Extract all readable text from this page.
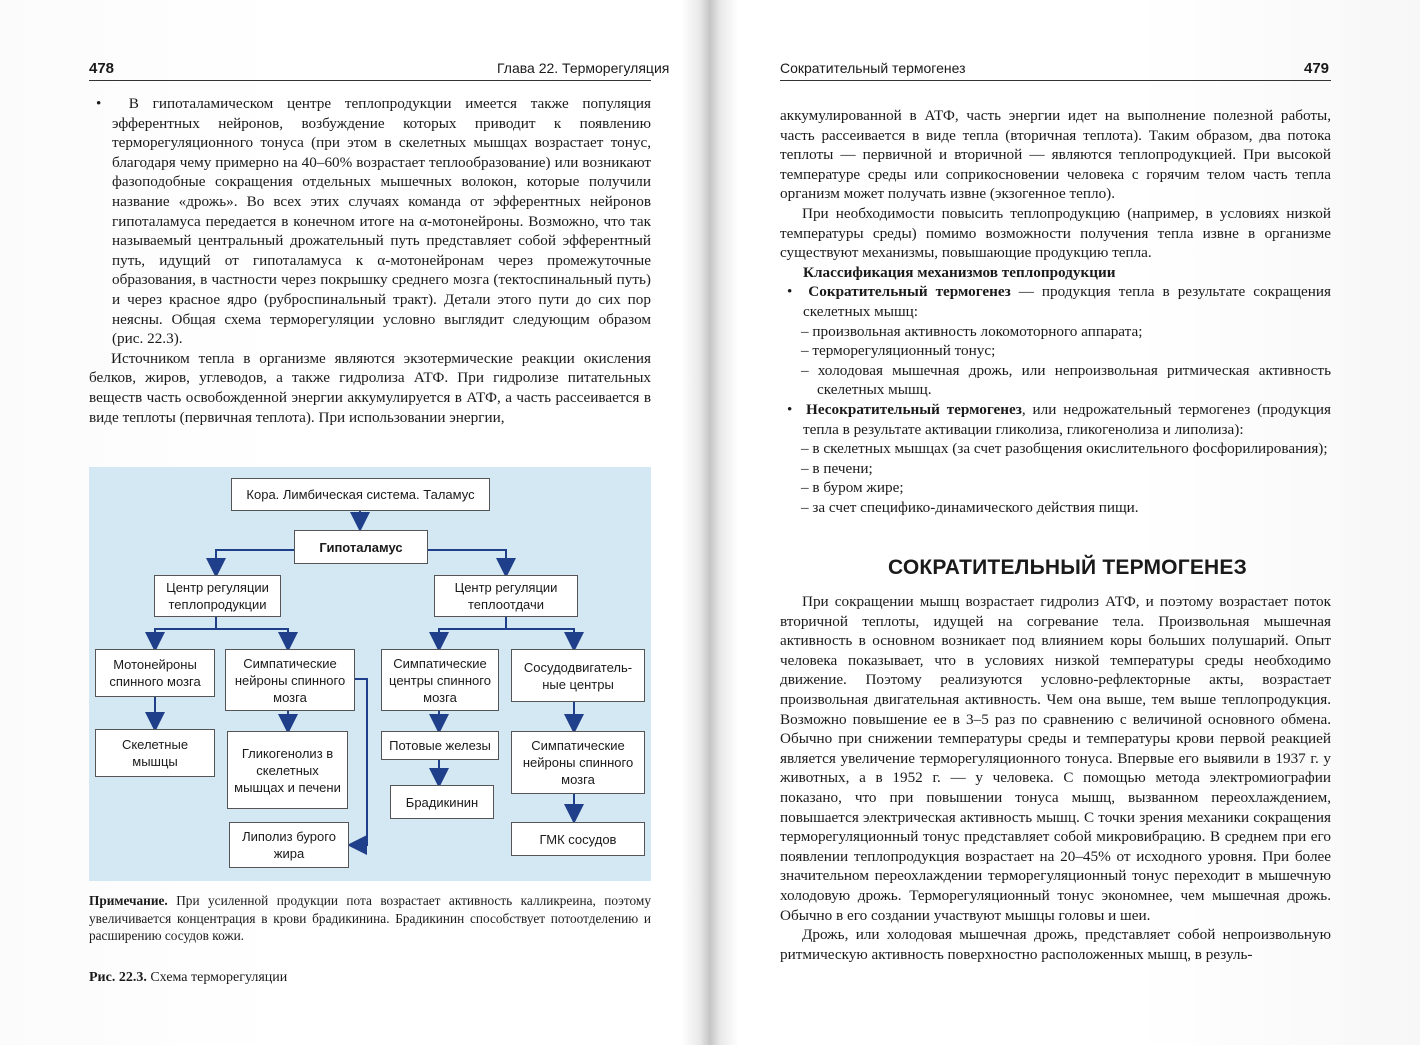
478	Глава 22. Терморегуляция

•  В гипоталамическом центре теплопродукции имеется также популяция эфферентных нейронов, возбуждение которых приводит к появлению терморегуляционного тонуса (при этом в скелетных мышцах возрастает тонус, благодаря чему примерно на 40–60% возрастает теплообразование) или возникают фазоподобные сокращения отдельных мышечных волокон, которые получили название «дрожь». Во всех этих случаях команда от эфферентных нейронов гипоталамуса передается в конечном итоге на α-мотонейроны. Возможно, что так называемый центральный дрожательный путь представляет собой эфферентный путь, идущий от гипоталамуса к α-мотонейронам через промежуточные образования, в частности через покрышку среднего мозга (тектоспинальный путь) и через красное ядро (руброспинальный тракт). Детали этого пути до сих пор неясны. Общая схема терморегуляции условно выглядит следующим образом (рис. 22.3).

Источником тепла в организме являются экзотермические реакции окисления белков, жиров, углеводов, а также гидролиза АТФ. При гидролизе питательных веществ часть освобожденной энергии аккумулируется в АТФ, а часть рассеивается в виде теплоты (первичная теплота). При использовании энергии,

Кора. Лимбическая система. Таламус
Гипоталамус
Центр регуляции теплопродукции
Центр регуляции теплоотдачи
Мотонейроны спинного мозга
Симпатические нейроны спинного мозга
Симпатические центры спинного мозга
Сосудодвигатель-ные центры
Скелетные мышцы
Гликогенолиз в скелетных мышцах и печени
Потовые железы	Симпатические нейроны спинного мозга
Брадикинин
Липолиз бурого жира
ГМК сосудов
Примечание. При усиленной продукции пота возрастает активность калликреина, поэтому увеличивается концентрация в крови брадикинина. Брадикинин способствует потоотделению и расширению сосудов кожи.
Рис. 22.3. Схема терморегуляции
Сократительный термогенез	479

аккумулированной в АТФ, часть энергии идет на выполнение полезной работы, часть рассеивается в виде тепла (вторичная теплота). Таким образом, два потока теплоты — первичной и вторичной — являются теплопродукцией. При высокой температуре среды или соприкосновении человека с горячим телом часть тепла организм может получать извне (экзогенное тепло).

При необходимости повысить теплопродукцию (например, в условиях низкой температуры среды) помимо возможности получения тепла извне в организме существуют механизмы, повышающие продукцию тепла.

Классификация механизмов теплопродукции

•  Сократительный термогенез — продукция тепла в результате сокращения скелетных мышц:

– произвольная активность локомоторного аппарата;

– терморегуляционный тонус;

– холодовая мышечная дрожь, или непроизвольная ритмическая активность скелетных мышц.

•  Несократительный термогенез, или недрожательный термогенез (продукция тепла в результате активации гликолиза, гликогенолиза и липолиза):

– в скелетных мышцах (за счет разобщения окислительного фосфорилирования);

– в печени;

– в буром жире;

– за счет специфико-динамического действия пищи.

СОКРАТИТЕЛЬНЫЙ ТЕРМОГЕНЕЗ

При сокращении мышц возрастает гидролиз АТФ, и поэтому возрастает поток вторичной теплоты, идущей на согревание тела. Произвольная мышечная активность в основном возникает под влиянием коры больших полушарий. Опыт человека показывает, что в условиях низкой температуры среды необходимо движение. Поэтому реализуются условно-рефлекторные акты, возрастает произвольная двигательная активность. Чем она выше, тем выше теплопродукция. Возможно повышение ее в 3–5 раз по сравнению с величиной основного обмена. Обычно при снижении температуры среды и температуры крови первой реакцией является увеличение терморегуляционного тонуса. Впервые его выявили в 1937 г. у животных, а в 1952 г. — у человека. С помощью метода электромиографии показано, что при повышении тонуса мышц, вызванном переохлаждением, повышается электрическая активность мышц. С точки зрения механики сокращения терморегуляционный тонус представляет собой микровибрацию. В среднем при его появлении теплопродукция возрастает на 20–45% от исходного уровня. При более значительном переохлаждении терморегуляционный тонус переходит в мышечную холодовую дрожь. Терморегуляционный тонус экономнее, чем мышечная дрожь. Обычно в его создании участвуют мышцы головы и шеи.

Дрожь, или холодовая мышечная дрожь, представляет собой непроизвольную ритмическую активность поверхностно расположенных мышц, в резуль-
